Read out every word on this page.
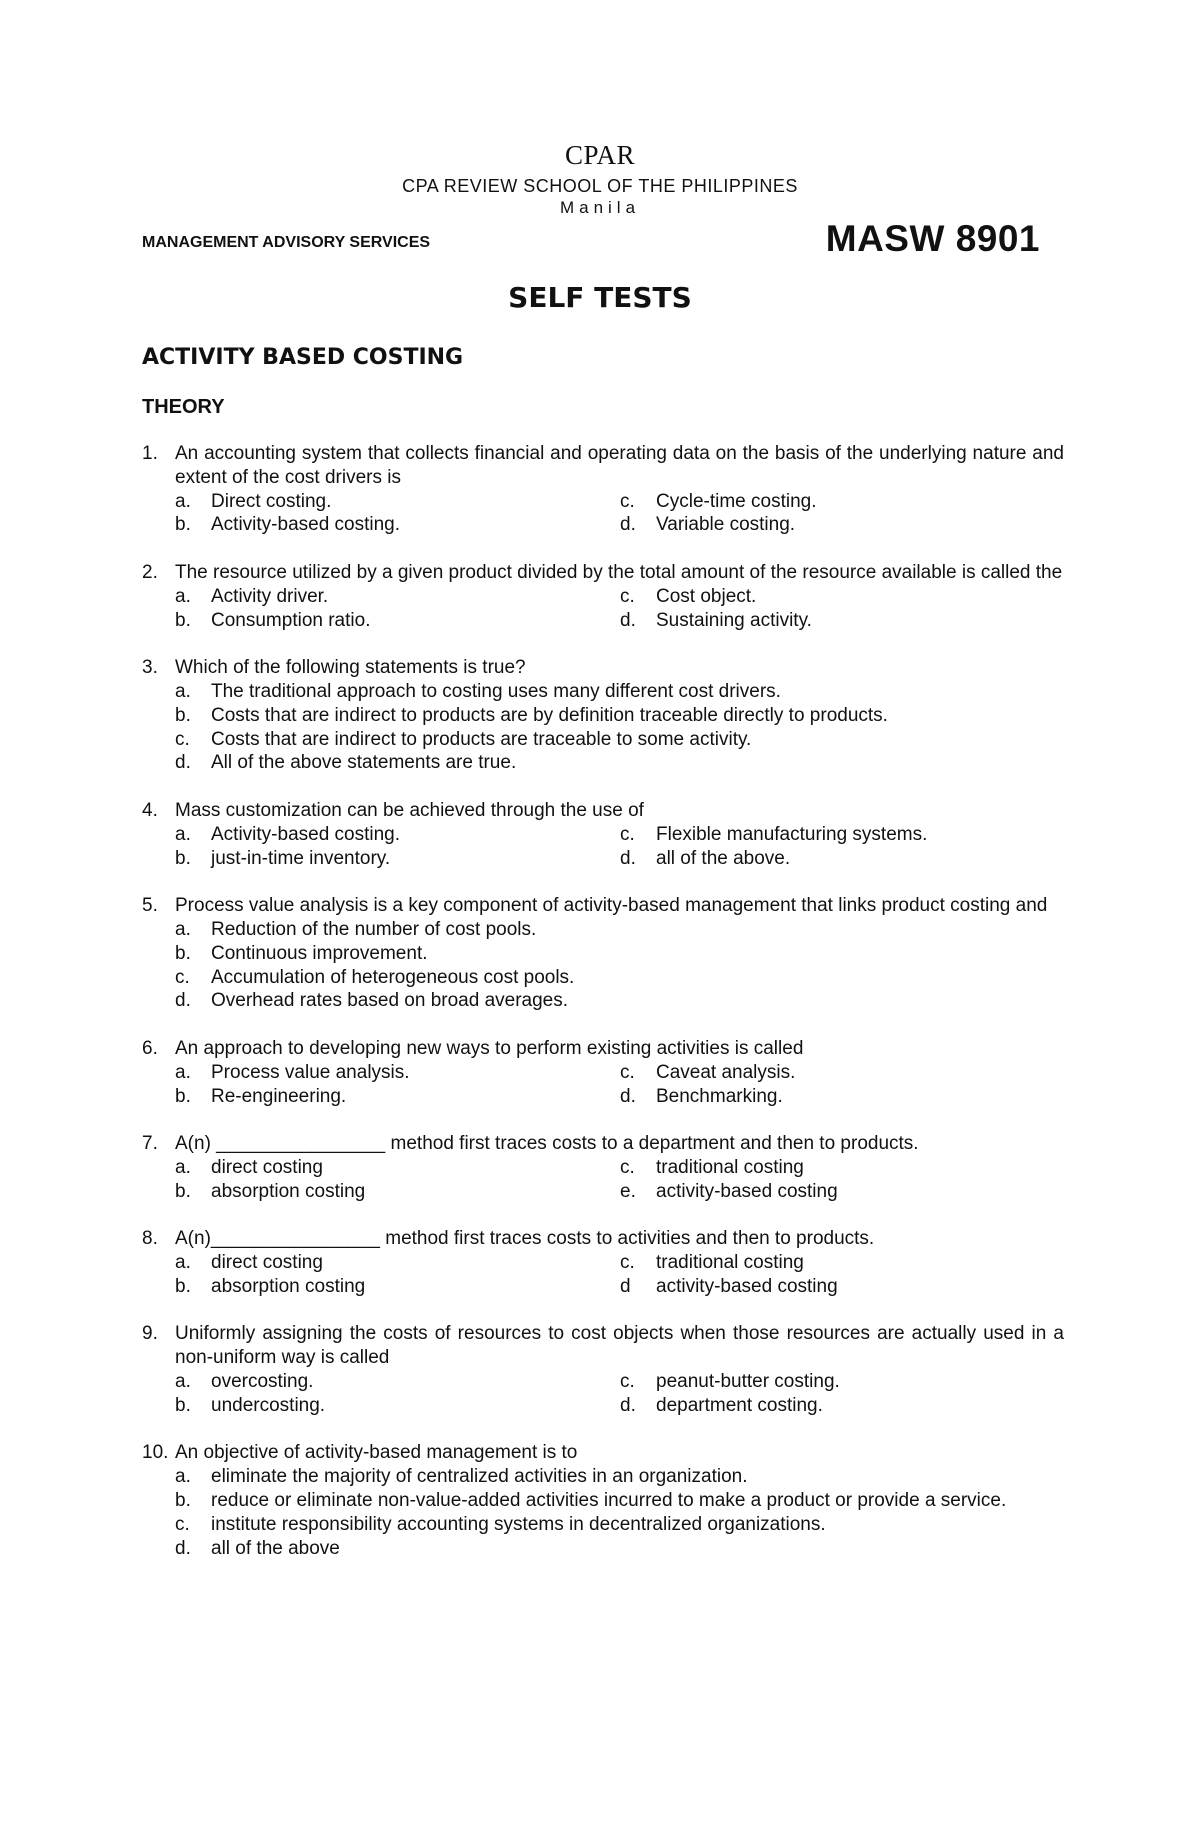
CPAR
CPA REVIEW SCHOOL OF THE PHILIPPINES
Manila
MANAGEMENT ADVISORY SERVICES	MASW 8901
SELF TESTS
ACTIVITY BASED COSTING
THEORY
1. An accounting system that collects financial and operating data on the basis of the underlying nature and extent of the cost drivers is
a. Direct costing.	c. Cycle-time costing.
b. Activity-based costing.	d. Variable costing.
2. The resource utilized by a given product divided by the total amount of the resource available is called the
a. Activity driver.	c. Cost object.
b. Consumption ratio.	d. Sustaining activity.
3. Which of the following statements is true?
a. The traditional approach to costing uses many different cost drivers.
b. Costs that are indirect to products are by definition traceable directly to products.
c. Costs that are indirect to products are traceable to some activity.
d. All of the above statements are true.
4. Mass customization can be achieved through the use of
a. Activity-based costing.	c. Flexible manufacturing systems.
b. just-in-time inventory.	d. all of the above.
5. Process value analysis is a key component of activity-based management that links product costing and
a. Reduction of the number of cost pools.
b. Continuous improvement.
c. Accumulation of heterogeneous cost pools.
d. Overhead rates based on broad averages.
6. An approach to developing new ways to perform existing activities is called
a. Process value analysis.	c. Caveat analysis.
b. Re-engineering.	d. Benchmarking.
7. A(n) ________________ method first traces costs to a department and then to products.
a. direct costing	c. traditional costing
b. absorption costing	e. activity-based costing
8. A(n)________________ method first traces costs to activities and then to products.
a. direct costing	c. traditional costing
b. absorption costing	d activity-based costing
9. Uniformly assigning the costs of resources to cost objects when those resources are actually used in a non-uniform way is called
a. overcosting.	c. peanut-butter costing.
b. undercosting.	d. department costing.
10. An objective of activity-based management is to
a. eliminate the majority of centralized activities in an organization.
b. reduce or eliminate non-value-added activities incurred to make a product or provide a service.
c. institute responsibility accounting systems in decentralized organizations.
d. all of the above
